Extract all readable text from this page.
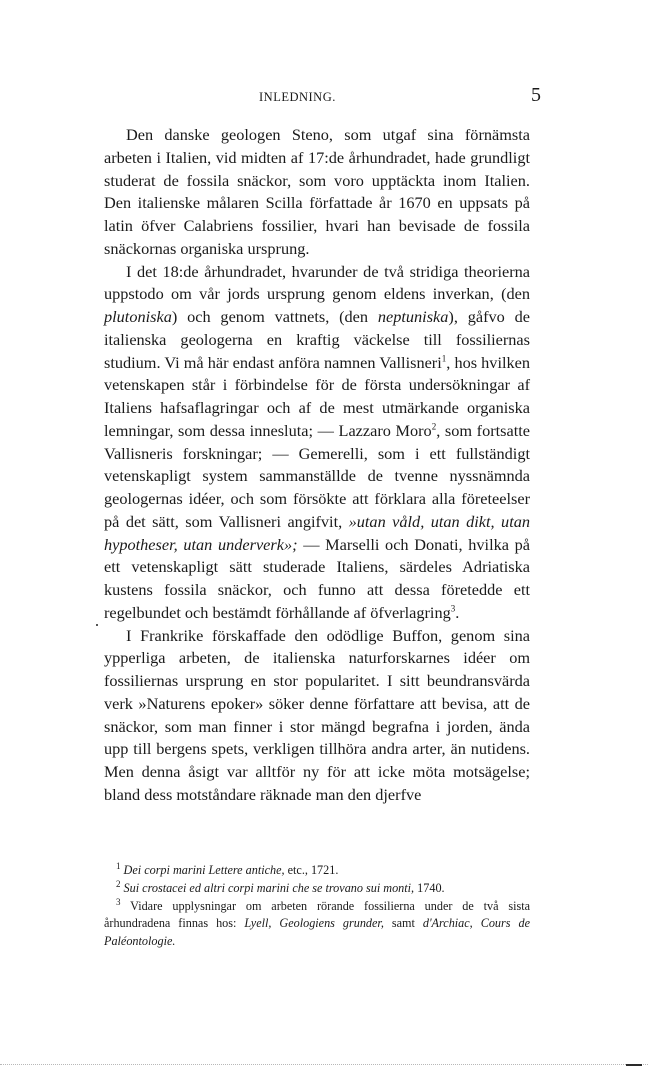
INLEDNING.	5

Den danske geologen Steno, som utgaf sina förnämsta arbeten i Italien, vid midten af 17:de århundradet, hade grundligt studerat de fossila snäckor, som voro upptäckta inom Italien. Den italienske målaren Scilla författade år 1670 en uppsats på latin öfver Calabriens fossilier, hvari han bevisade de fossila snäckornas organiska ursprung.

I det 18:de århundradet, hvarunder de två stridiga theorierna uppstodo om vår jords ursprung genom eldens inverkan, (den plutoniska) och genom vattnets, (den neptuniska), gåfvo de italienska geologerna en kraftig väckelse till fossiliernas studium. Vi må här endast anföra namnen Vallisneri$^1$, hos hvilken vetenskapen står i förbindelse för de första undersökningar af Italiens hafsaflagringar och af de mest utmärkande organiska lemningar, som dessa innesluta; — Lazzaro Moro$^2$, som fortsatte Vallisneris forskningar; — Gemerelli, som i ett fullständigt vetenskapligt system sammanställde de tvenne nyssnämnda geologernas idéer, och som försökte att förklara alla företeelser på det sätt, som Vallisneri angifvit, »utan våld, utan dikt, utan hypotheser, utan underverk»; — Marselli och Donati, hvilka på ett vetenskapligt sätt studerade Italiens, särdeles Adriatiska kustens fossila snäckor, och funno att dessa företedde ett regelbundet och bestämdt förhållande af öfverlagring$^3$.

I Frankrike förskaffade den odödlige Buffon, genom sina ypperliga arbeten, de italienska naturforskarnes idéer om fossiliernas ursprung en stor popularitet. I sitt beundransvärda verk »Naturens epoker» söker denne författare att bevisa, att de snäckor, som man finner i stor mängd begrafna i jorden, ända upp till bergens spets, verkligen tillhöra andra arter, än nutidens. Men denna åsigt var alltför ny för att icke möta motsägelse; bland dess motståndare räknade man den djerfve

$^1$ Dei corpi marini Lettere antiche, etc., 1721.

$^2$ Sui crostacei ed altri corpi marini che se trovano sui monti, 1740.

$^3$ Vidare upplysningar om arbeten rörande fossilierna under de två sista århundradena finnas hos: Lyell, Geologiens grunder, samt d'Archiac, Cours de Paléontologie.
